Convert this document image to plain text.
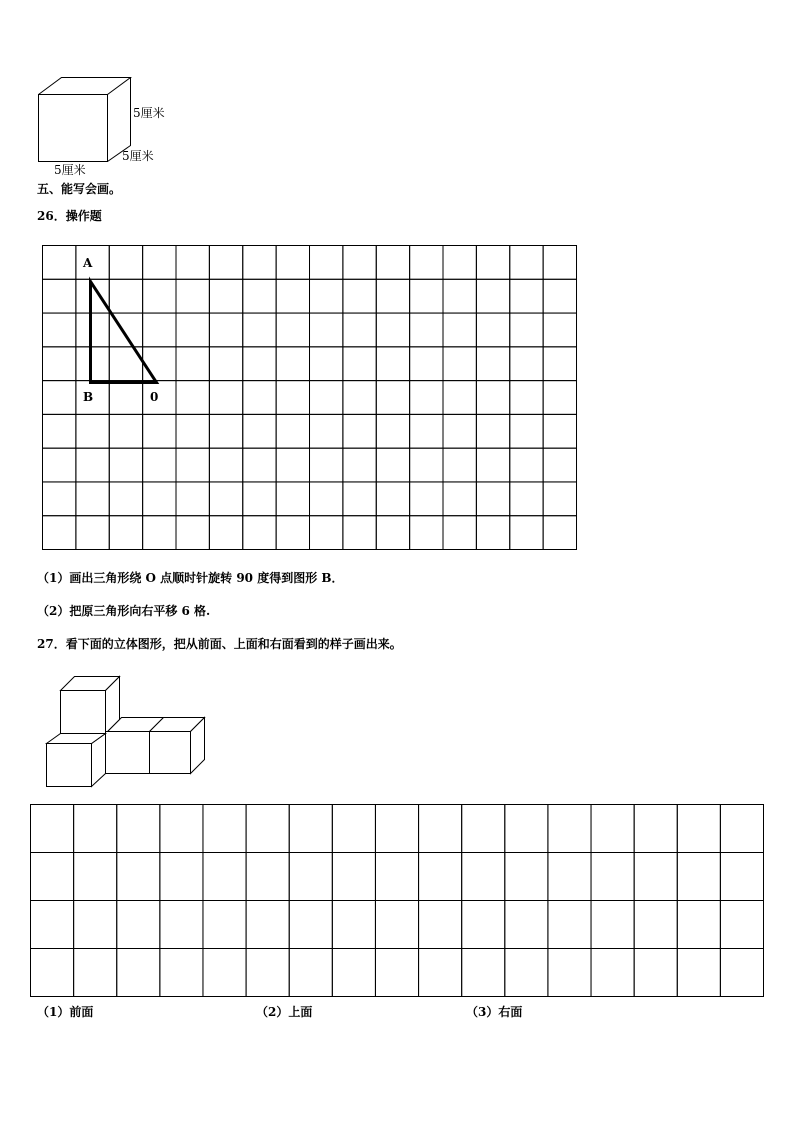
5厘米
5厘米
5厘米
五、能写会画。
26．操作题
A
B	0
（1）画出三角形绕 O 点顺时针旋转 90 度得到图形 B．
（2）把原三角形向右平移 6 格.
27．看下面的立体图形，把从前面、上面和右面看到的样子画出来。
（1）前面	（2）上面	（3）右面
